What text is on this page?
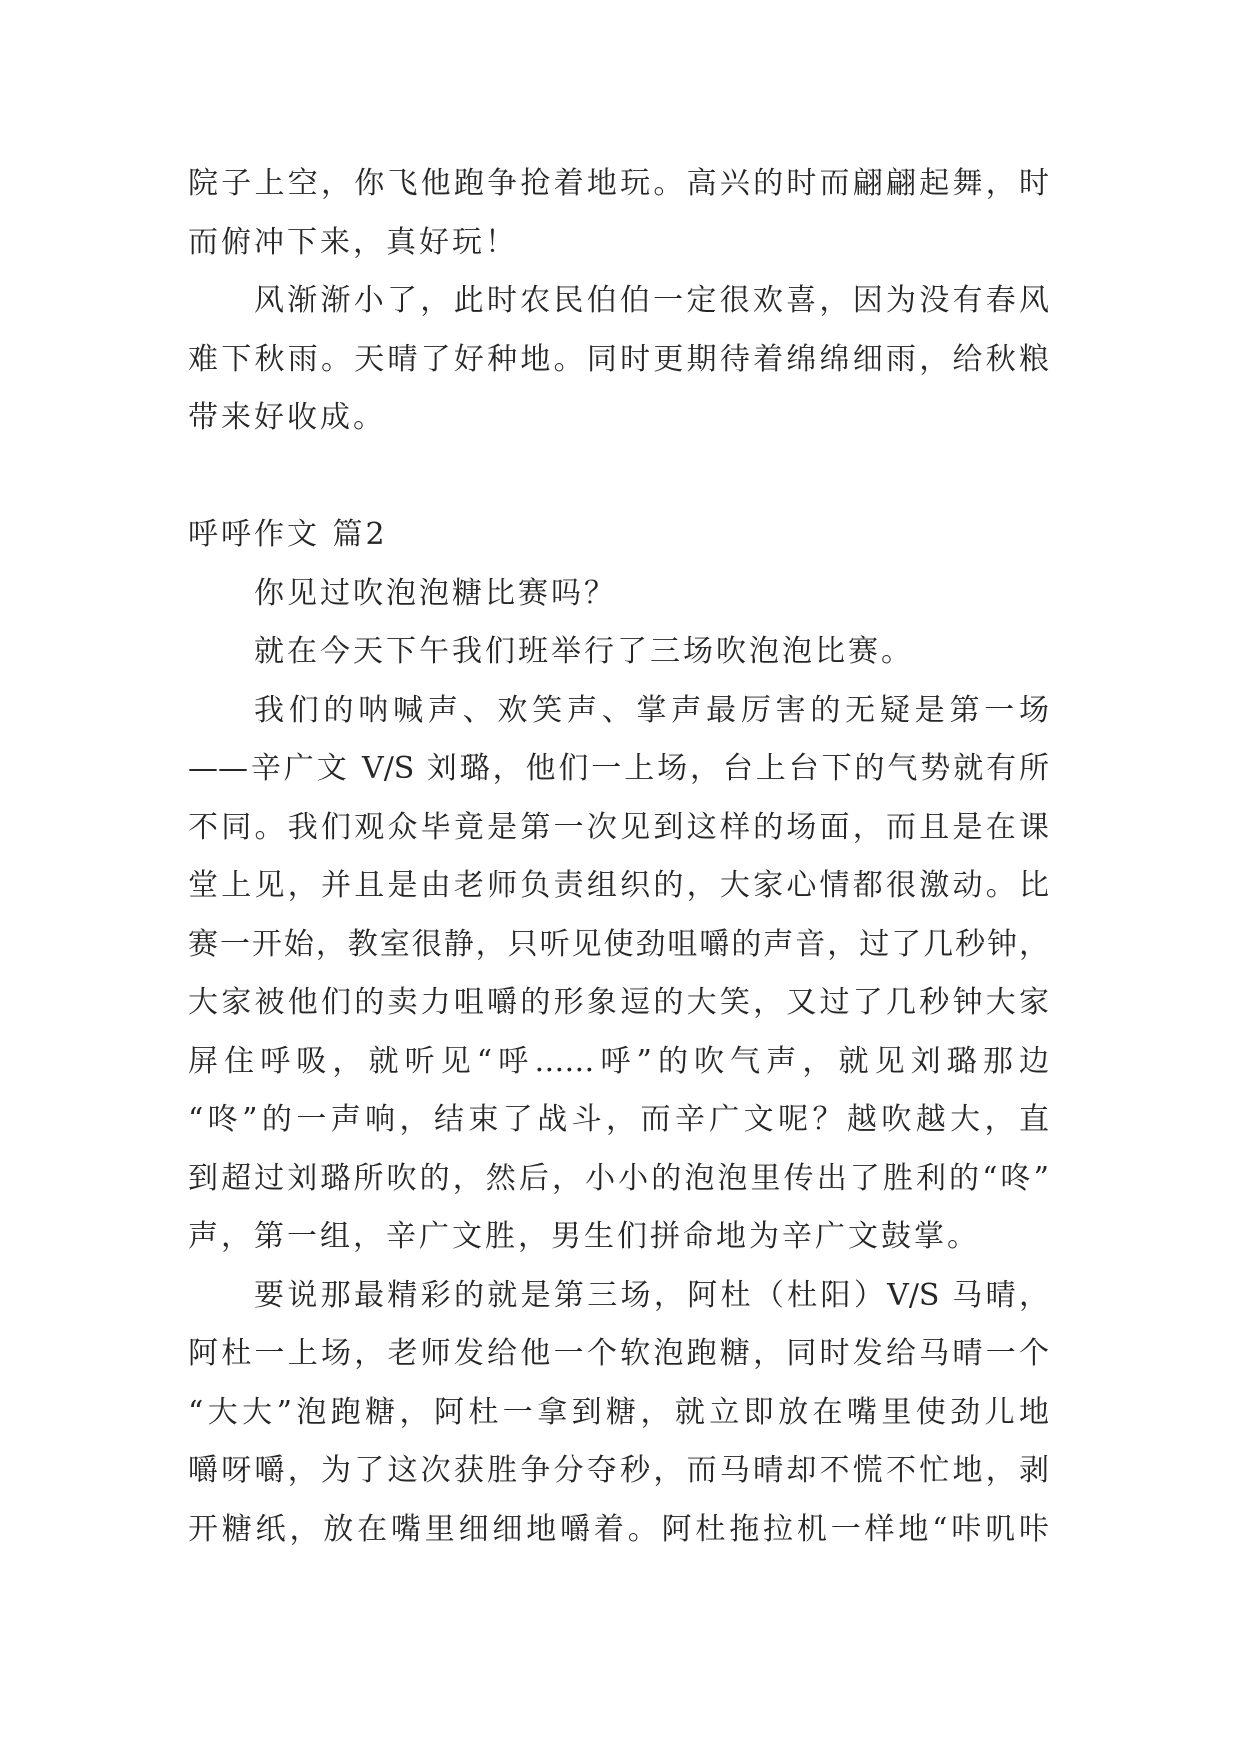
院子上空，你飞他跑争抢着地玩。高兴的时而翩翩起舞，时
而俯冲下来，真好玩！
风渐渐小了，此时农民伯伯一定很欢喜，因为没有春风
难下秋雨。天晴了好种地。同时更期待着绵绵细雨，给秋粮
带来好收成。
呼呼作文 篇2
你见过吹泡泡糖比赛吗？
就在今天下午我们班举行了三场吹泡泡比赛。
我们的呐喊声、欢笑声、掌声最厉害的无疑是第一场
——辛广文 V/S 刘璐，他们一上场，台上台下的气势就有所
不同。我们观众毕竟是第一次见到这样的场面，而且是在课
堂上见，并且是由老师负责组织的，大家心情都很激动。比
赛一开始，教室很静，只听见使劲咀嚼的声音，过了几秒钟，
大家被他们的卖力咀嚼的形象逗的大笑，又过了几秒钟大家
屏住呼吸，就听见“呼……呼”的吹气声，就见刘璐那边
“咚”的一声响，结束了战斗，而辛广文呢？越吹越大，直
到超过刘璐所吹的，然后，小小的泡泡里传出了胜利的“咚”
声，第一组，辛广文胜，男生们拼命地为辛广文鼓掌。
要说那最精彩的就是第三场，阿杜（杜阳）V/S 马晴，
阿杜一上场，老师发给他一个软泡跑糖，同时发给马晴一个
“大大”泡跑糖，阿杜一拿到糖，就立即放在嘴里使劲儿地
嚼呀嚼，为了这次获胜争分夺秒，而马晴却不慌不忙地，剥
开糖纸，放在嘴里细细地嚼着。阿杜拖拉机一样地“咔叽咔
